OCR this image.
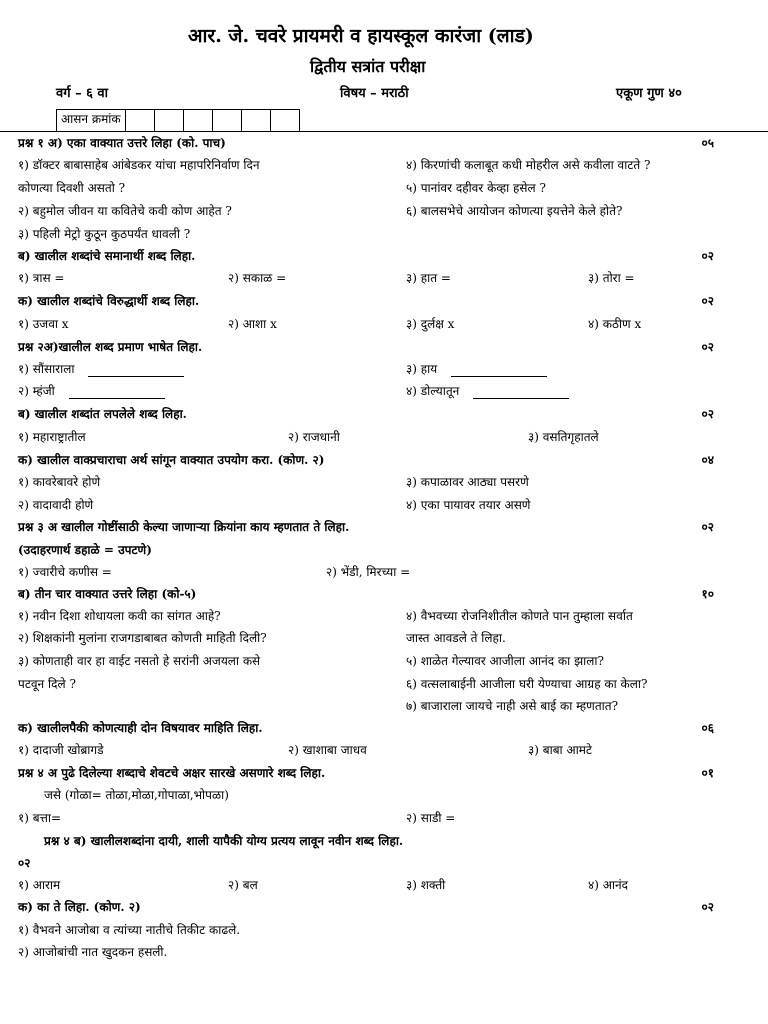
आर. जे. चवरे प्रायमरी व हायस्कूल कारंजा (लाड)
द्वितीय सत्रांत परीक्षा
वर्ग – ६ वा	विषय – मराठी	एकूण गुण ४०
आसन क्रमांक						
प्रश्न १ अ) एका वाक्यात उत्तरे लिहा (को. पाच)	०५
१) डॉक्टर बाबासाहेब आंबेडकर यांचा महापरिनिर्वाण दिन	४) किरणांची कलाबूत कधी मोहरील असे कवीला वाटते ?
कोणत्या दिवशी असतो ?	५) पानांवर दहीवर केव्हा हसेल ?
२) बहुमोल जीवन या कवितेचे कवी कोण आहेत ?	६) बालसभेचे आयोजन कोणत्या इयत्तेने केले होते?
३) पहिली मेट्रो कुठून कुठपर्यंत धावली ?
ब) खालील शब्दांचे समानार्थी शब्द लिहा.	०२
१) त्रास =	२) सकाळ =	३) हात =	३) तोरा =
क) खालील शब्दांचे विरुद्धार्थी शब्द लिहा.	०२
१) उजवा x	२) आशा x	३) दुर्लक्ष x	४) कठीण x
प्रश्न २अ)खालील शब्द प्रमाण भाषेत लिहा.	०२
१) सौंसाराला	३) हाय
२) म्हंजी	४) डोल्यातून
ब) खालील शब्दांत लपलेले शब्द लिहा.	०२
१) महाराष्ट्रातील	२) राजधानी	३) वसतिगृहातले
क) खालील वाक्प्रचाराचा अर्थ सांगून वाक्यात उपयोग करा. (कोण. २)	०४
१) कावरेबावरे होणे	३) कपाळावर आठ्या पसरणे
२) वादावादी होणे	४) एका पायावर तयार असणे
प्रश्न ३ अ खालील गोष्टींसाठी केल्या जाणाऱ्या क्रियांना काय म्हणतात ते लिहा.	०२
(उदाहरणार्थ डहाळे = उपटणे)
१) ज्वारीचे कणीस =	२) भेंडी, मिरच्या =
ब) तीन चार वाक्यात उत्तरे लिहा (को-५)	१०
१) नवीन दिशा शोधायला कवी का सांगत आहे?	४) वैभवच्या रोजनिशीतील कोणते पान तुम्हाला सर्वात
२) शिक्षकांनी मुलांना राजगडाबाबत कोणती माहिती दिली?	जास्त आवडले ते लिहा.
३) कोणताही वार हा वाईट नसतो हे सरांनी अजयला कसे	५) शाळेत गेल्यावर आजीला आनंद का झाला?
पटवून दिले ?	६) वत्सलाबाईनी आजीला घरी येण्याचा आग्रह का केला?
७) बाजाराला जायचे नाही असे बाई का म्हणतात?
क) खालीलपैकी कोणत्याही दोन विषयावर माहिति लिहा.	०६
१) दादाजी खोब्रागडे	२) खाशाबा जाधव	३) बाबा आमटे
प्रश्न ४ अ पुढे दिलेल्या शब्दाचे शेवटचे अक्षर सारखे असणारे शब्द लिहा.	०१
जसे (गोळा= तोळा,मोळा,गोपाळा,भोपळा)
१) बत्ता=	२) साडी =
प्रश्न ४ ब) खालीलशब्दांना दायी, शाली यापैकी योग्य प्रत्यय लावून नवीन शब्द लिहा.
०२
१) आराम	२) बल	३) शक्ती	४) आनंद
क) का ते लिहा. (कोण. २)	०२
१) वैभवने आजोबा व त्यांच्या नातीचे तिकीट काढले.
२) आजोबांची नात खुदकन हसली.
